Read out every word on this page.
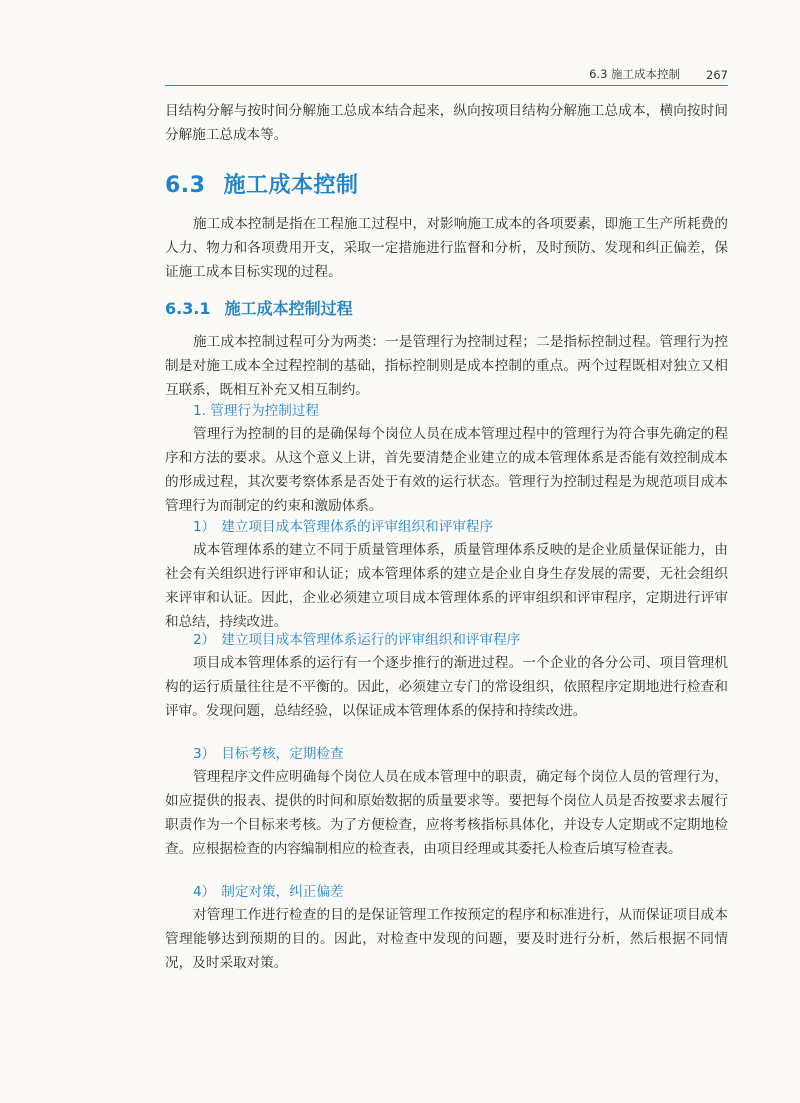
6.3 施工成本控制 267

目结构分解与按时间分解施工总成本结合起来，纵向按项目结构分解施工总成本，横向按时间分解施工总成本等。

6.3 施工成本控制

施工成本控制是指在工程施工过程中，对影响施工成本的各项要素，即施工生产所耗费的人力、物力和各项费用开支，采取一定措施进行监督和分析，及时预防、发现和纠正偏差，保证施工成本目标实现的过程。

6.3.1 施工成本控制过程

施工成本控制过程可分为两类：一是管理行为控制过程；二是指标控制过程。管理行为控制是对施工成本全过程控制的基础，指标控制则是成本控制的重点。两个过程既相对独立又相互联系，既相互补充又相互制约。

1. 管理行为控制过程

管理行为控制的目的是确保每个岗位人员在成本管理过程中的管理行为符合事先确定的程序和方法的要求。从这个意义上讲，首先要清楚企业建立的成本管理体系是否能有效控制成本的形成过程，其次要考察体系是否处于有效的运行状态。管理行为控制过程是为规范项目成本管理行为而制定的约束和激励体系。

1） 建立项目成本管理体系的评审组织和评审程序

成本管理体系的建立不同于质量管理体系，质量管理体系反映的是企业质量保证能力，由社会有关组织进行评审和认证；成本管理体系的建立是企业自身生存发展的需要，无社会组织来评审和认证。因此，企业必须建立项目成本管理体系的评审组织和评审程序，定期进行评审和总结，持续改进。

2） 建立项目成本管理体系运行的评审组织和评审程序

项目成本管理体系的运行有一个逐步推行的渐进过程。一个企业的各分公司、项目管理机构的运行质量往往是不平衡的。因此，必须建立专门的常设组织，依照程序定期地进行检查和评审。发现问题，总结经验，以保证成本管理体系的保持和持续改进。

3） 目标考核，定期检查

管理程序文件应明确每个岗位人员在成本管理中的职责，确定每个岗位人员的管理行为，如应提供的报表、提供的时间和原始数据的质量要求等。要把每个岗位人员是否按要求去履行职责作为一个目标来考核。为了方便检查，应将考核指标具体化，并设专人定期或不定期地检查。应根据检查的内容编制相应的检查表，由项目经理或其委托人检查后填写检查表。

4） 制定对策，纠正偏差

对管理工作进行检查的目的是保证管理工作按预定的程序和标准进行，从而保证项目成本管理能够达到预期的目的。因此，对检查中发现的问题，要及时进行分析，然后根据不同情况，及时采取对策。
